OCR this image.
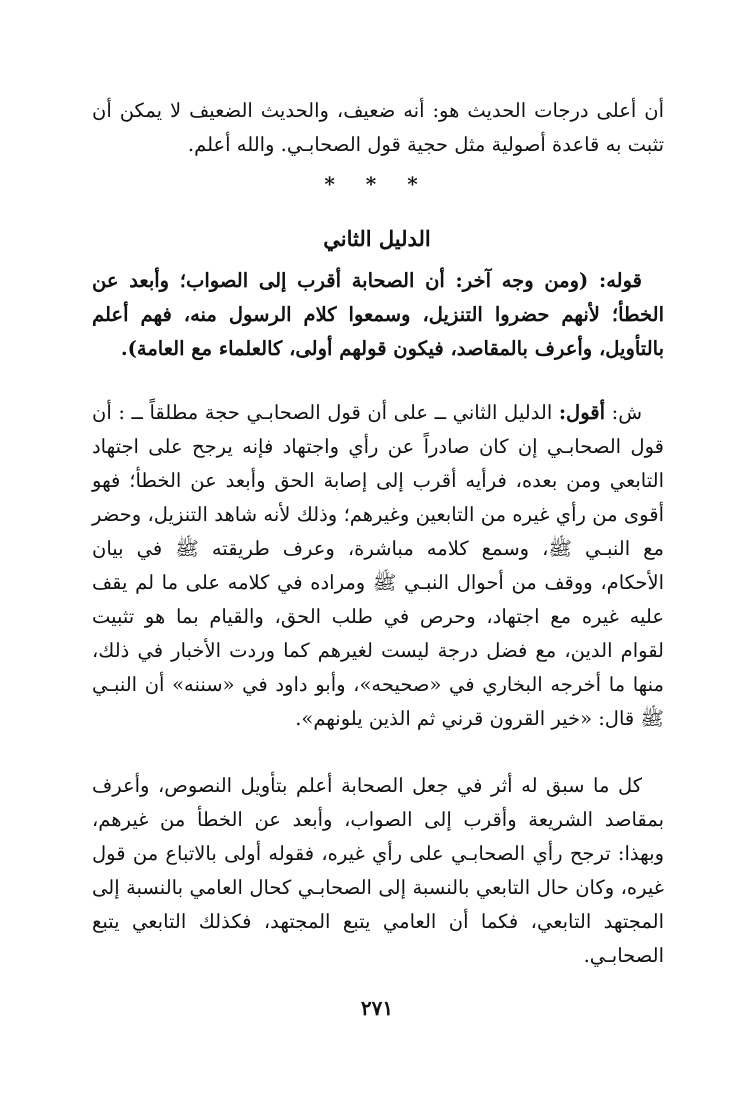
أن أعلى درجات الحديث هو: أنه ضعيف، والحديث الضعيف لا يمكن أن تثبت به قاعدة أصولية مثل حجية قول الصحابـي. والله أعلم.

* * *
الدليل الثاني

قوله: (ومن وجه آخر: أن الصحابة أقرب إلى الصواب؛ وأبعد عن الخطأ؛ لأنهم حضروا التنزيل، وسمعوا كلام الرسول منه، فهم أعلم بالتأويل، وأعرف بالمقاصد، فيكون قولهم أولى، كالعلماء مع العامة).

ش: أقول: الدليل الثاني ــ على أن قول الصحابـي حجة مطلقاً ــ : أن قول الصحابـي إن كان صادراً عن رأي واجتهاد فإنه يرجح على اجتهاد التابعي ومن بعده، فرأيه أقرب إلى إصابة الحق وأبعد عن الخطأ؛ فهو أقوى من رأي غيره من التابعين وغيرهم؛ وذلك لأنه شاهد التنزيل، وحضر مع النبـي ﷺ، وسمع كلامه مباشرة، وعرف طريقته ﷺ في بيان الأحكام، ووقف من أحوال النبـي ﷺ ومراده في كلامه على ما لم يقف عليه غيره مع اجتهاد، وحرص في طلب الحق، والقيام بما هو تثبيت لقوام الدين، مع فضل درجة ليست لغيرهم كما وردت الأخبار في ذلك، منها ما أخرجه البخاري في «صحيحه»، وأبو داود في «سننه» أن النبـي ﷺ قال: «خير القرون قرني ثم الذين يلونهم».

كل ما سبق له أثر في جعل الصحابة أعلم بتأويل النصوص، وأعرف بمقاصد الشريعة وأقرب إلى الصواب، وأبعد عن الخطأ من غيرهم، وبهذا: ترجح رأي الصحابـي على رأي غيره، فقوله أولى بالاتباع من قول غيره، وكان حال التابعي بالنسبة إلى الصحابـي كحال العامي بالنسبة إلى المجتهد التابعي، فكما أن العامي يتبع المجتهد، فكذلك التابعي يتبع الصحابـي.

٢٧١
